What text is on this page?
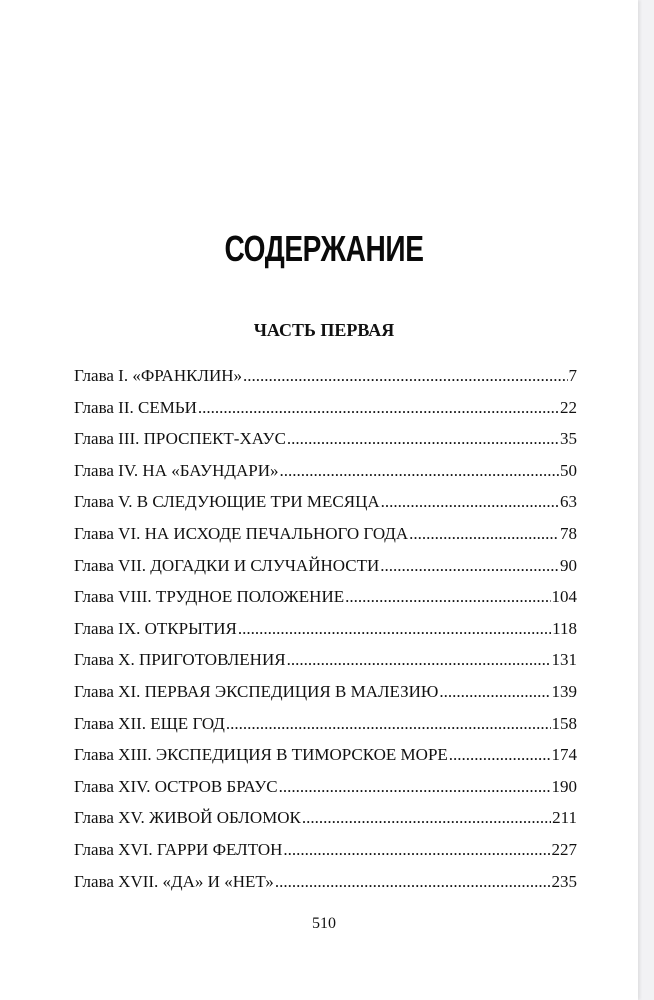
СОДЕРЖАНИЕ
ЧАСТЬ ПЕРВАЯ
Глава I. «ФРАНКЛИН» .....	7
Глава II. СЕМЬИ .....	22
Глава III. ПРОСПЕКТ-ХАУС .....	35
Глава IV. НА «БАУНДАРИ» .....	50
Глава V. В СЛЕДУЮЩИЕ ТРИ МЕСЯЦА .....	63
Глава VI. НА ИСХОДЕ ПЕЧАЛЬНОГО ГОДА .....	78
Глава VII. ДОГАДКИ И СЛУЧАЙНОСТИ .....	90
Глава VIII. ТРУДНОЕ ПОЛОЖЕНИЕ .....	104
Глава IX. ОТКРЫТИЯ .....	118
Глава X. ПРИГОТОВЛЕНИЯ .....	131
Глава XI. ПЕРВАЯ ЭКСПЕДИЦИЯ В МАЛЕЗИЮ .....	139
Глава XII. ЕЩЕ ГОД .....	158
Глава XIII. ЭКСПЕДИЦИЯ В ТИМОРСКОЕ МОРЕ .....	174
Глава XIV. ОСТРОВ БРАУС .....	190
Глава XV. ЖИВОЙ ОБЛОМОК .....	211
Глава XVI. ГАРРИ ФЕЛТОН .....	227
Глава XVII. «ДА» И «НЕТ» .....	235
510
